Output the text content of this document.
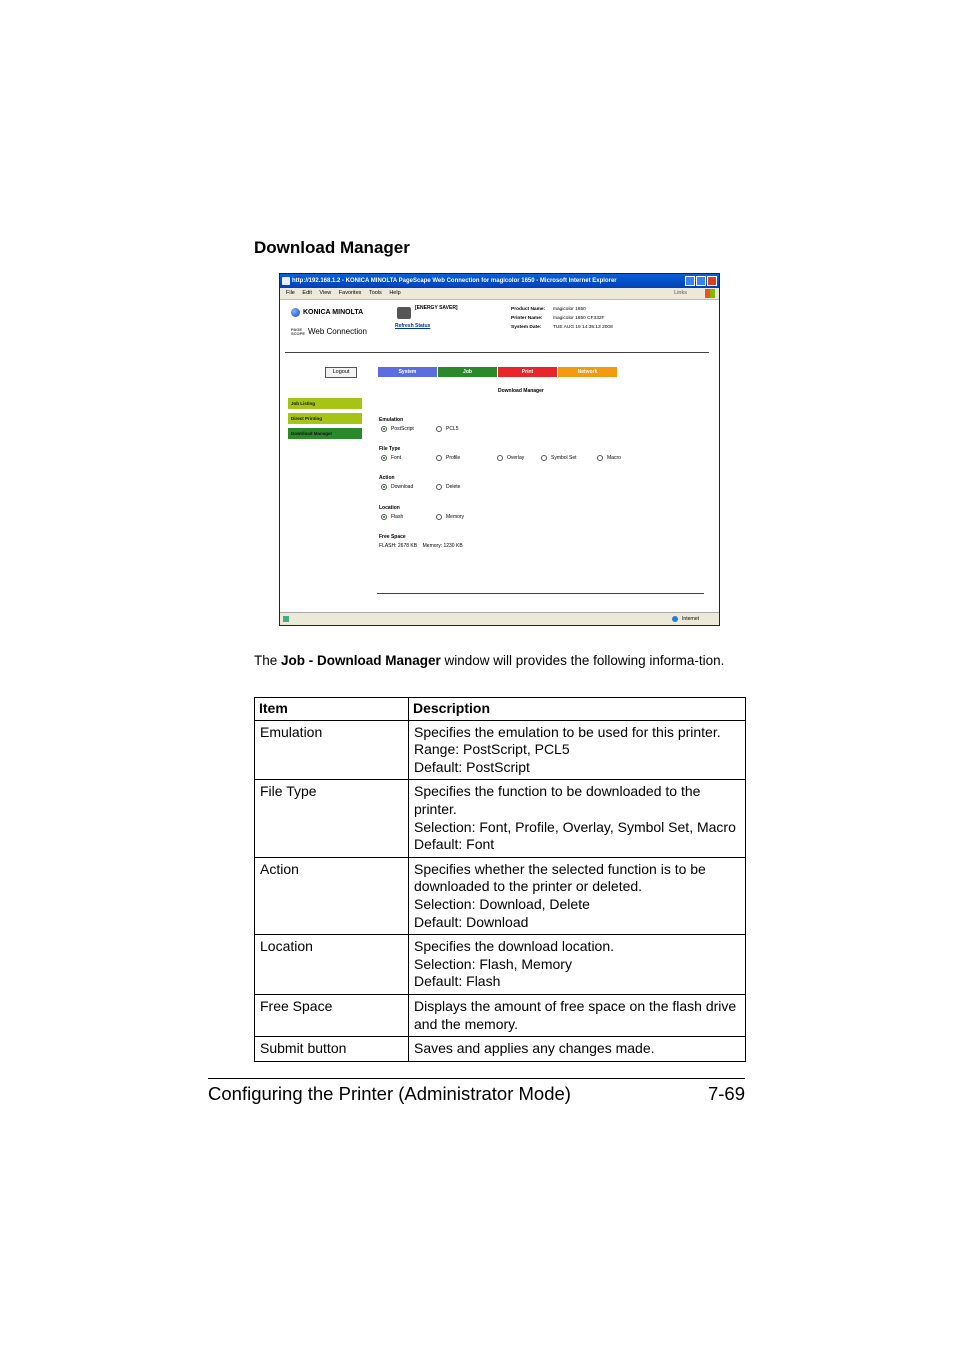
Download Manager
http://192.168.1.2 - KONICA MINOLTA PageScape Web Connection for magicolor 1650 - Microsoft Internet Explorer
File Edit View Favorites Tools Help	Links
KONICA MINOLTA
PAGE SCOPE Web Connection
[ENERGY SAVER]
Refresh Status
Product Name: magicolor 1650
Printer Name: magicolor 1650 CF332F
System Date: TUE AUG 19 14:35:13 2008
Logout	System	Job	Print	Network
Job Listing
Direct Printing
Download Manager
Download Manager
Emulation
PostScript	PCL5
File Type
Font	Profile	Overlay	Symbol Set	Macro
Action
Download	Delete
Location
Flash	Memory
Free Space
FLASH: 2678 KB    Memory: 1230 KB
Internet
The Job - Download Manager window will provides the following informa-tion.
Item	Description
Emulation	Specifies the emulation to be used for this printer.
Range: PostScript, PCL5
Default: PostScript

File Type	Specifies the function to be downloaded to the
printer.
Selection: Font, Profile, Overlay, Symbol Set, Macro
Default: Font

Action	Specifies whether the selected function is to be
downloaded to the printer or deleted.
Selection: Download, Delete
Default: Download

Location	Specifies the download location.
Selection: Flash, Memory
Default: Flash

Free Space	Displays the amount of free space on the flash drive
and the memory.

Submit button	Saves and applies any changes made.
Configuring the Printer (Administrator Mode)	7-69
